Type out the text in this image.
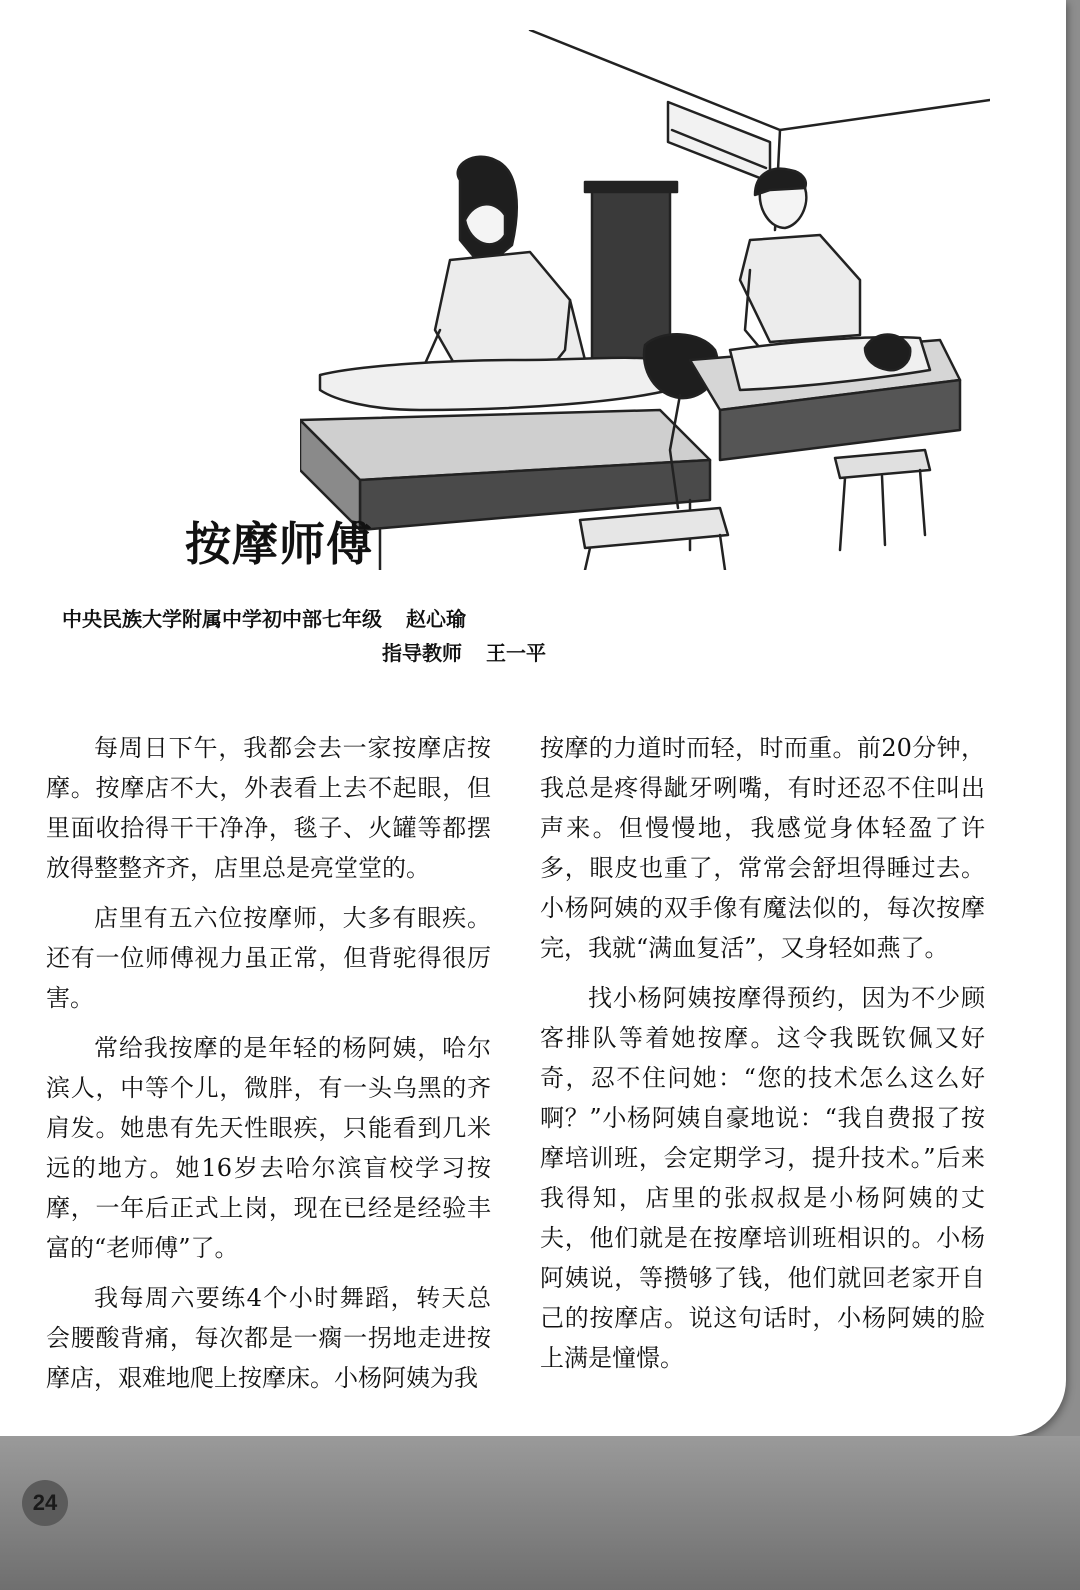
按摩师傅
中央民族大学附属中学初中部七年级 赵心瑜
指导教师 王一平

每周日下午，我都会去一家按摩店按摩。按摩店不大，外表看上去不起眼，但里面收拾得干干净净，毯子、火罐等都摆放得整整齐齐，店里总是亮堂堂的。

店里有五六位按摩师，大多有眼疾。还有一位师傅视力虽正常，但背驼得很厉害。

常给我按摩的是年轻的杨阿姨，哈尔滨人，中等个儿，微胖，有一头乌黑的齐肩发。她患有先天性眼疾，只能看到几米远的地方。她16岁去哈尔滨盲校学习按摩，一年后正式上岗，现在已经是经验丰富的“老师傅”了。

我每周六要练4个小时舞蹈，转天总会腰酸背痛，每次都是一瘸一拐地走进按摩店，艰难地爬上按摩床。小杨阿姨为我

按摩的力道时而轻，时而重。前20分钟，我总是疼得龇牙咧嘴，有时还忍不住叫出声来。但慢慢地，我感觉身体轻盈了许多，眼皮也重了，常常会舒坦得睡过去。小杨阿姨的双手像有魔法似的，每次按摩完，我就“满血复活”，又身轻如燕了。

找小杨阿姨按摩得预约，因为不少顾客排队等着她按摩。这令我既钦佩又好奇，忍不住问她：“您的技术怎么这么好啊？”小杨阿姨自豪地说：“我自费报了按摩培训班，会定期学习，提升技术。”后来我得知，店里的张叔叔是小杨阿姨的丈夫，他们就是在按摩培训班相识的。小杨阿姨说，等攒够了钱，他们就回老家开自己的按摩店。说这句话时，小杨阿姨的脸上满是憧憬。

24
